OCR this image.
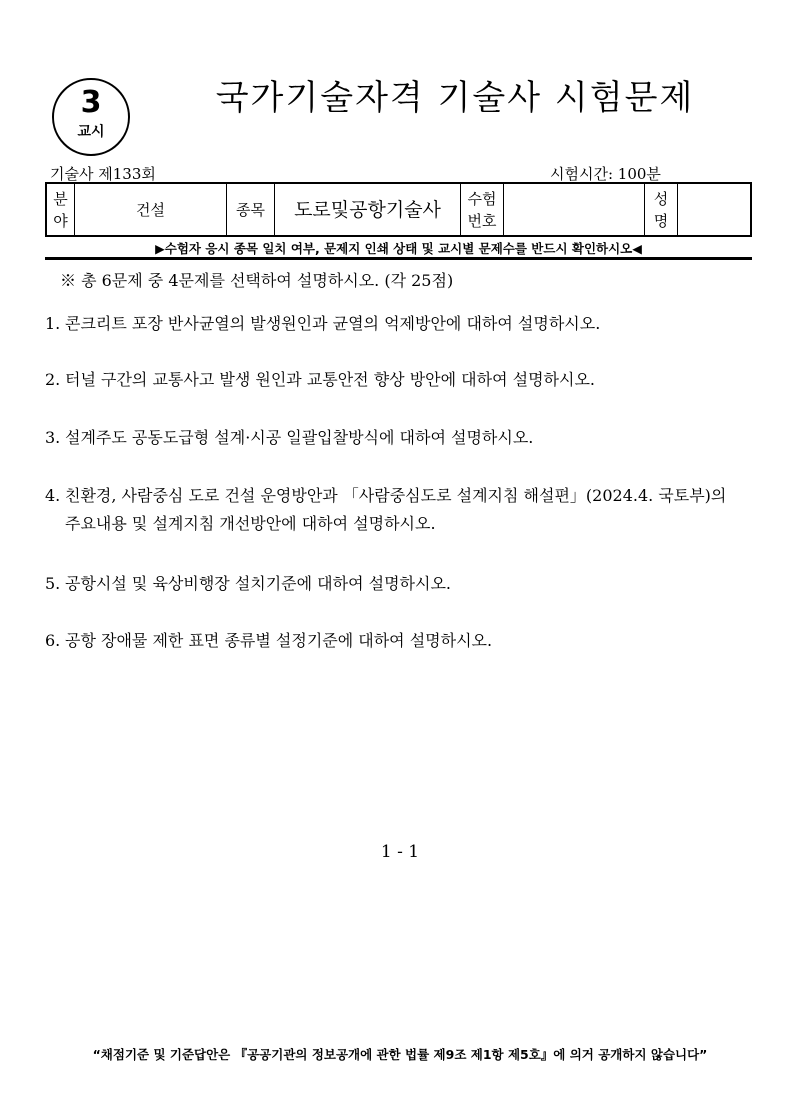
3
교시
국가기술자격 기술사 시험문제
기술사 제133회	시험시간: 100분
분야
건설	종목 도로및공항기술사 수험번호
성명
▶수험자 응시 종목 일치 여부, 문제지 인쇄 상태 및 교시별 문제수를 반드시 확인하시오◀
※ 총 6문제 중 4문제를 선택하여 설명하시오. (각 25점)
1. 콘크리트 포장 반사균열의 발생원인과 균열의 억제방안에 대하여 설명하시오.
2. 터널 구간의 교통사고 발생 원인과 교통안전 향상 방안에 대하여 설명하시오.
3. 설계주도 공동도급형 설계·시공 일괄입찰방식에 대하여 설명하시오.
4. 친환경, 사람중심 도로 건설 운영방안과 「사람중심도로 설계지침 해설편」(2024.4. 국토부)의
주요내용 및 설계지침 개선방안에 대하여 설명하시오.
5. 공항시설 및 육상비행장 설치기준에 대하여 설명하시오.
6. 공항 장애물 제한 표면 종류별 설정기준에 대하여 설명하시오.
1 - 1
“채점기준 및 기준답안은 『공공기관의 정보공개에 관한 법률 제9조 제1항 제5호』에 의거 공개하지 않습니다”
